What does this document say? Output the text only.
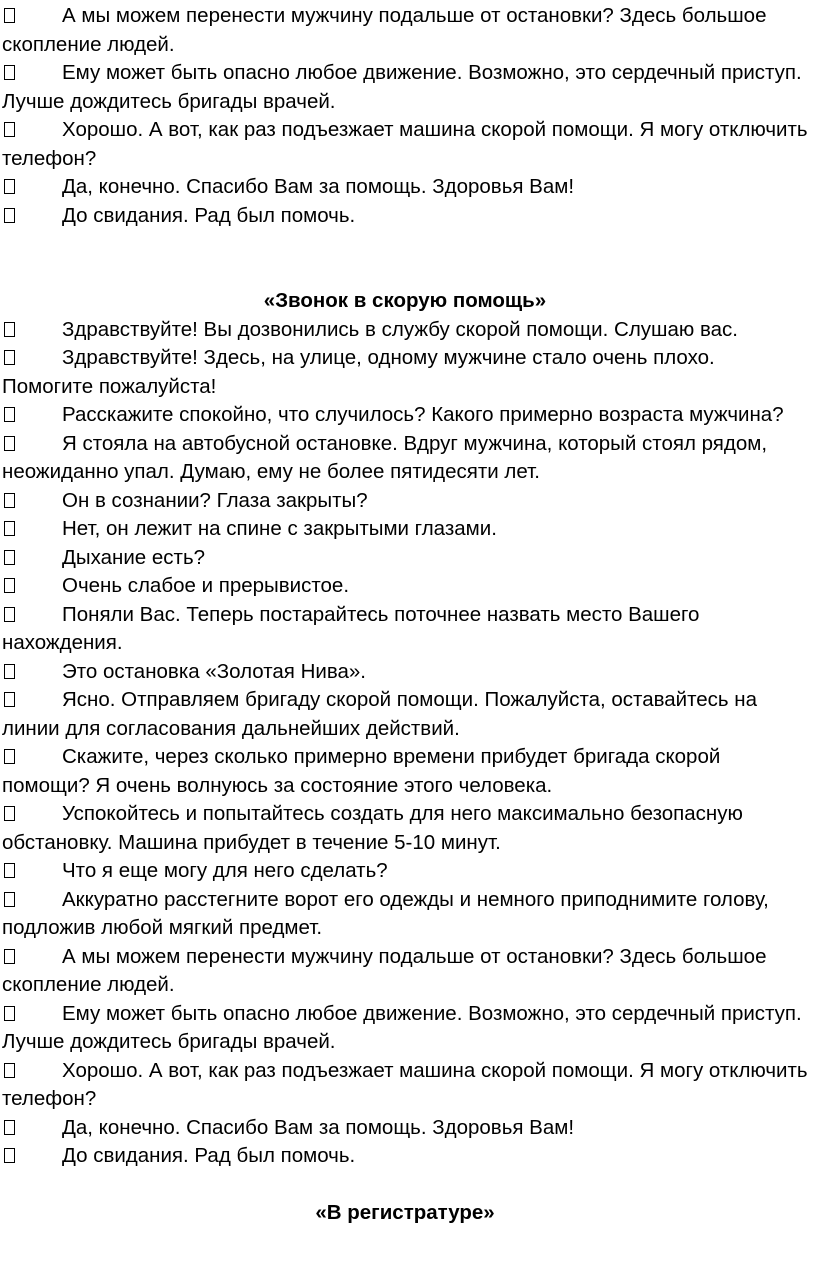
А мы можем перенести мужчину подальше от остановки? Здесь большое скопление людей.

Ему может быть опасно любое движение. Возможно, это сердечный приступ. Лучше дождитесь бригады врачей.

Хорошо. А вот, как раз подъезжает машина скорой помощи. Я могу отключить телефон?

Да, конечно. Спасибо Вам за помощь. Здоровья Вам!

До свидания. Рад был помочь.

«Звонок в скорую помощь»

Здравствуйте! Вы дозвонились в службу скорой помощи. Слушаю вас.

Здравствуйте! Здесь, на улице, одному мужчине стало очень плохо. Помогите пожалуйста!

Расскажите спокойно, что случилось? Какого примерно возраста мужчина?

Я стояла на автобусной остановке. Вдруг мужчина, который стоял рядом, неожиданно упал. Думаю, ему не более пятидесяти лет.

Он в сознании? Глаза закрыты?

Нет, он лежит на спине с закрытыми глазами.

Дыхание есть?

Очень слабое и прерывистое.

Поняли Вас. Теперь постарайтесь поточнее назвать место Вашего нахождения.

Это остановка «Золотая Нива».

Ясно. Отправляем бригаду скорой помощи. Пожалуйста, оставайтесь на линии для согласования дальнейших действий.

Скажите, через сколько примерно времени прибудет бригада скорой помощи? Я очень волнуюсь за состояние этого человека.

Успокойтесь и попытайтесь создать для него максимально безопасную обстановку. Машина прибудет в течение 5-10 минут.

Что я еще могу для него сделать?

Аккуратно расстегните ворот его одежды и немного приподнимите голову, подложив любой мягкий предмет.

А мы можем перенести мужчину подальше от остановки? Здесь большое скопление людей.

Ему может быть опасно любое движение. Возможно, это сердечный приступ. Лучше дождитесь бригады врачей.

Хорошо. А вот, как раз подъезжает машина скорой помощи. Я могу отключить телефон?

Да, конечно. Спасибо Вам за помощь. Здоровья Вам!

До свидания. Рад был помочь.

«В регистратуре»
